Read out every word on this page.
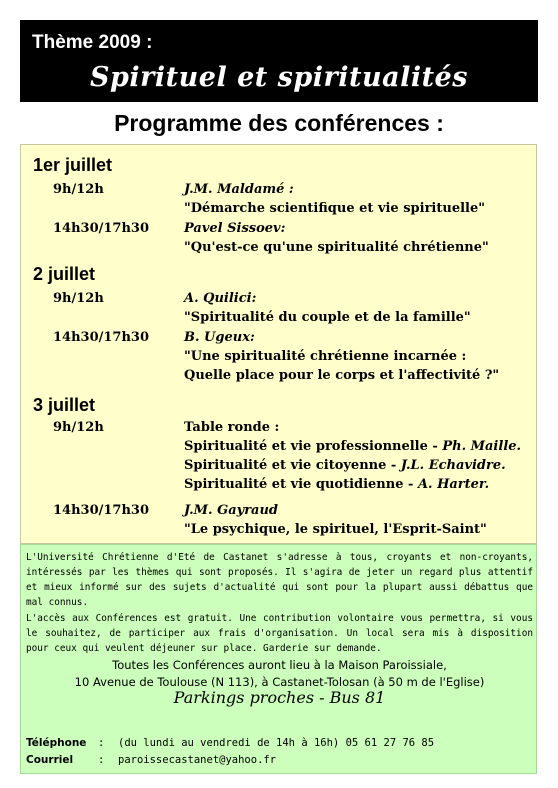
Thème 2009 :
Spirituel et spiritualités
Programme des conférences :
1er juillet
9h/12h	J.M. Maldamé :
"Démarche scientifique et vie spirituelle"
14h30/17h30	Pavel Sissoev:
"Qu'est-ce qu'une spiritualité chrétienne"
2 juillet
9h/12h	A. Quilici:
"Spiritualité du couple et de la famille"
14h30/17h30	B. Ugeux:
"Une spiritualité chrétienne incarnée :
Quelle place pour le corps et l'affectivité ?"
3 juillet
9h/12h	Table ronde :
Spiritualité et vie professionnelle - Ph. Maille.
Spiritualité et vie citoyenne - J.L. Echavidre.
Spiritualité et vie quotidienne - A. Harter.
14h30/17h30	J.M. Gayraud
"Le psychique, le spirituel, l'Esprit-Saint"

L'Université Chrétienne d'Eté de Castanet s'adresse à tous, croyants et non-croyants, intéressés par les thèmes qui sont proposés. Il s'agira de jeter un regard plus attentif et mieux informé sur des sujets d'actualité qui sont pour la plupart aussi débattus que mal connus.

L'accès aux Conférences est gratuit. Une contribution volontaire vous permettra, si vous le souhaitez, de participer aux frais d'organisation. Un local sera mis à disposition pour ceux qui veulent déjeuner sur place. Garderie sur demande.

Toutes les Conférences auront lieu à la Maison Paroissiale,
10 Avenue de Toulouse (N 113), à Castanet-Tolosan (à 50 m de l'Eglise)
Parkings proches - Bus 81
Téléphone : (du lundi au vendredi de 14h à 16h) 05 61 27 76 85
Courriel : paroissecastanet@yahoo.fr
